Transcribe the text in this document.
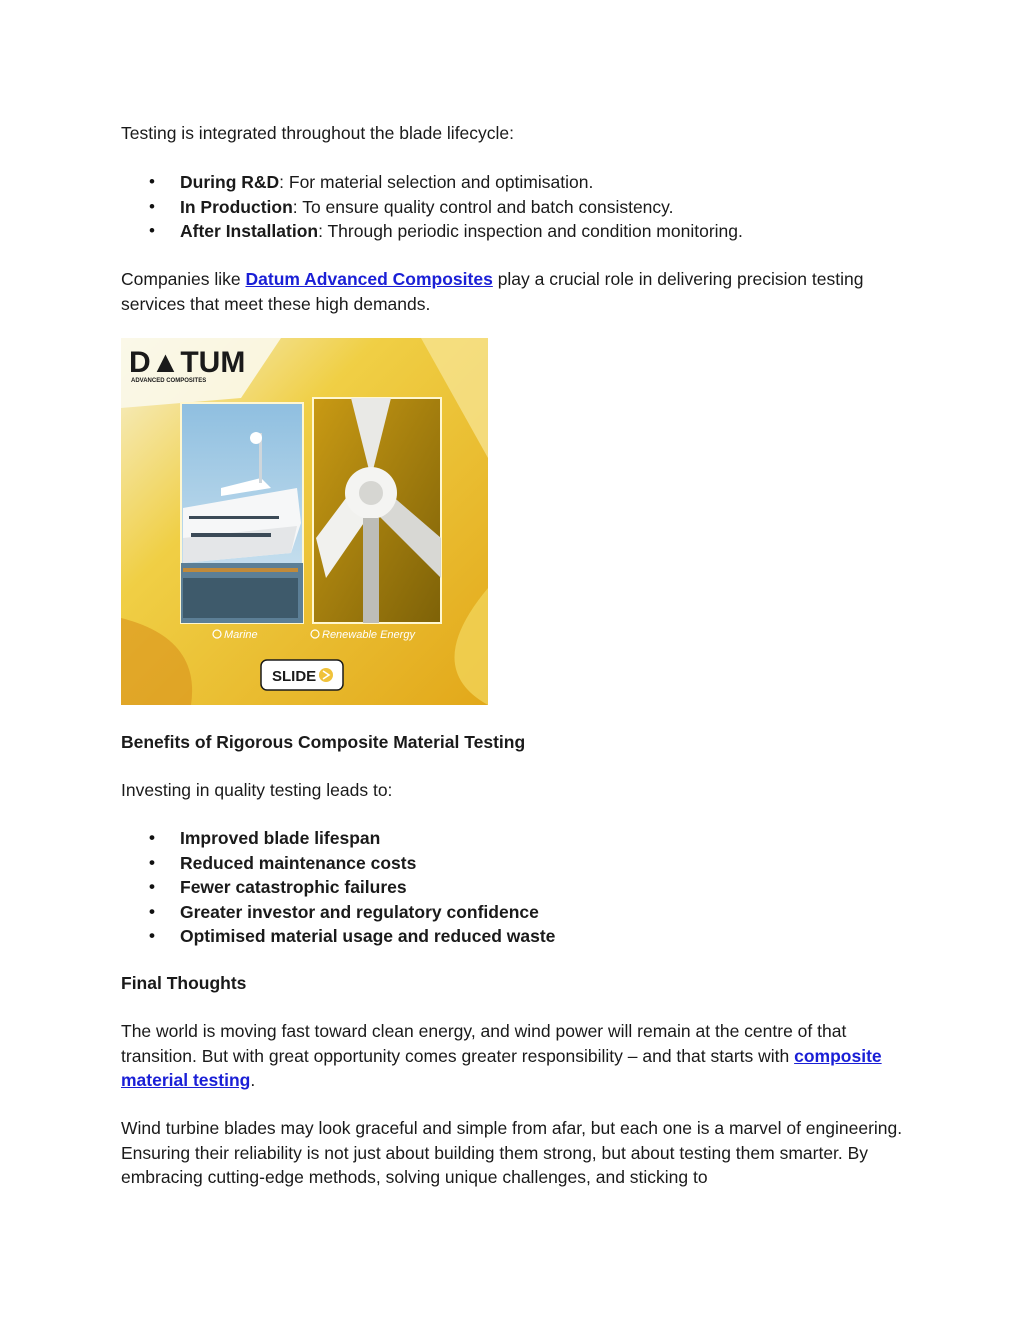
Testing is integrated throughout the blade lifecycle:

• During R&D: For material selection and optimisation.
• In Production: To ensure quality control and batch consistency.
• After Installation: Through periodic inspection and condition monitoring.

Companies like Datum Advanced Composites play a crucial role in delivering precision testing services that meet these high demands.

D▲TUM
ADVANCED COMPOSITES
Marine	Renewable Energy
SLIDE

Benefits of Rigorous Composite Material Testing

Investing in quality testing leads to:

• Improved blade lifespan
• Reduced maintenance costs
• Fewer catastrophic failures
• Greater investor and regulatory confidence
• Optimised material usage and reduced waste

Final Thoughts

The world is moving fast toward clean energy, and wind power will remain at the centre of that transition. But with great opportunity comes greater responsibility – and that starts with composite material testing.

Wind turbine blades may look graceful and simple from afar, but each one is a marvel of engineering. Ensuring their reliability is not just about building them strong, but about testing them smarter. By embracing cutting-edge methods, solving unique challenges, and sticking to
